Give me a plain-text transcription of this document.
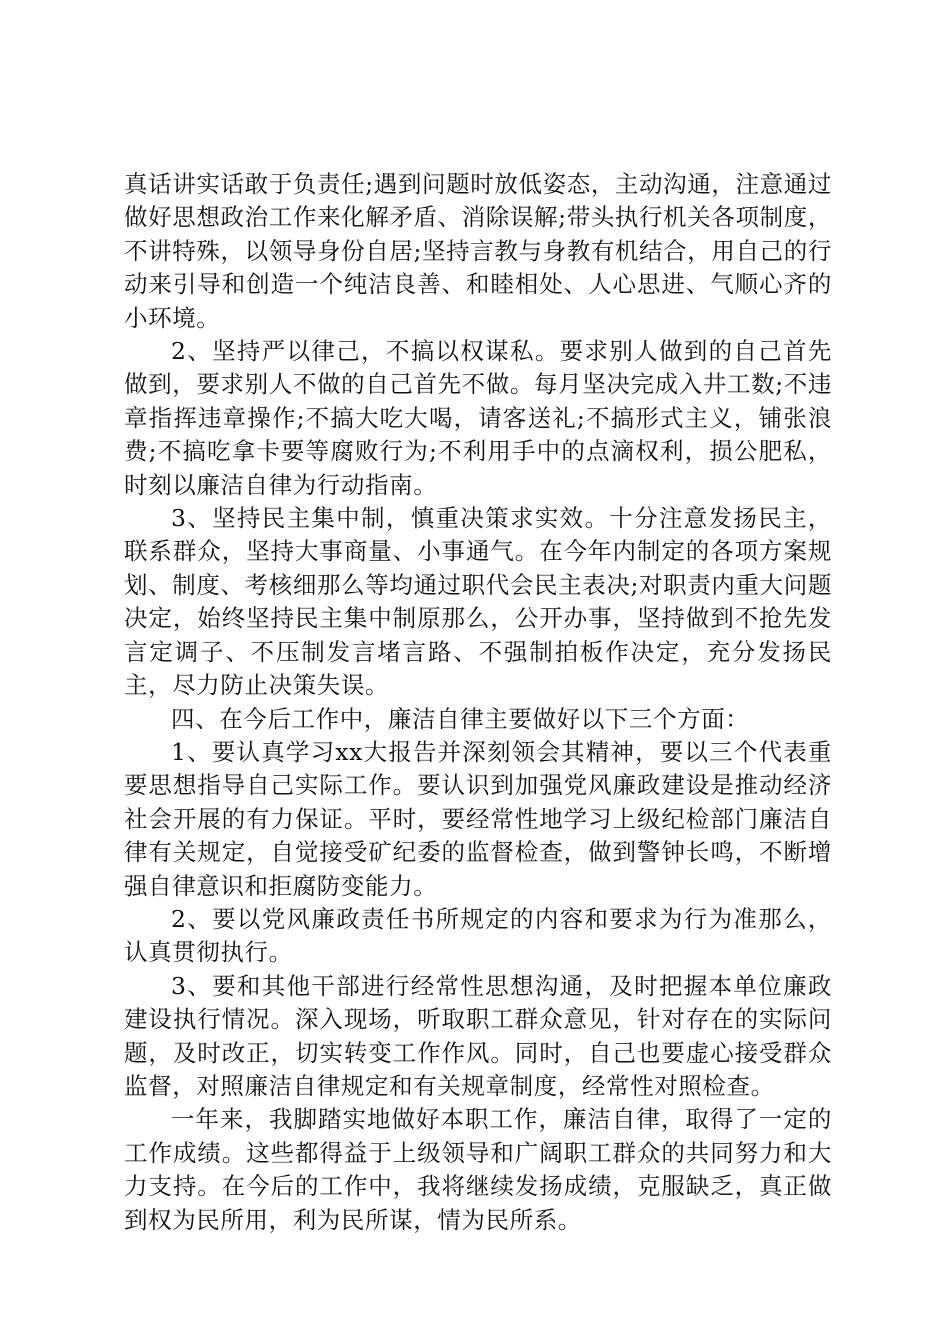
真话讲实话敢于负责任;遇到问题时放低姿态，主动沟通，注意通过做好思想政治工作来化解矛盾、消除误解;带头执行机关各项制度，不讲特殊，以领导身份自居;坚持言教与身教有机结合，用自己的行动来引导和创造一个纯洁良善、和睦相处、人心思进、气顺心齐的小环境。

2、坚持严以律己，不搞以权谋私。要求别人做到的自己首先做到，要求别人不做的自己首先不做。每月坚决完成入井工数;不违章指挥违章操作;不搞大吃大喝，请客送礼;不搞形式主义，铺张浪费;不搞吃拿卡要等腐败行为;不利用手中的点滴权利，损公肥私，时刻以廉洁自律为行动指南。

3、坚持民主集中制，慎重决策求实效。十分注意发扬民主，联系群众，坚持大事商量、小事通气。在今年内制定的各项方案规划、制度、考核细那么等均通过职代会民主表决;对职责内重大问题决定，始终坚持民主集中制原那么，公开办事，坚持做到不抢先发言定调子、不压制发言堵言路、不强制拍板作决定，充分发扬民主，尽力防止决策失误。

四、在今后工作中，廉洁自律主要做好以下三个方面：

1、要认真学习xx大报告并深刻领会其精神，要以三个代表重要思想指导自己实际工作。要认识到加强党风廉政建设是推动经济社会开展的有力保证。平时，要经常性地学习上级纪检部门廉洁自律有关规定，自觉接受矿纪委的监督检查，做到警钟长鸣，不断增强自律意识和拒腐防变能力。

2、要以党风廉政责任书所规定的内容和要求为行为准那么，认真贯彻执行。

3、要和其他干部进行经常性思想沟通，及时把握本单位廉政建设执行情况。深入现场，听取职工群众意见，针对存在的实际问题，及时改正，切实转变工作作风。同时，自己也要虚心接受群众监督，对照廉洁自律规定和有关规章制度，经常性对照检查。

一年来，我脚踏实地做好本职工作，廉洁自律，取得了一定的工作成绩。这些都得益于上级领导和广阔职工群众的共同努力和大力支持。在今后的工作中，我将继续发扬成绩，克服缺乏，真正做到权为民所用，利为民所谋，情为民所系。
